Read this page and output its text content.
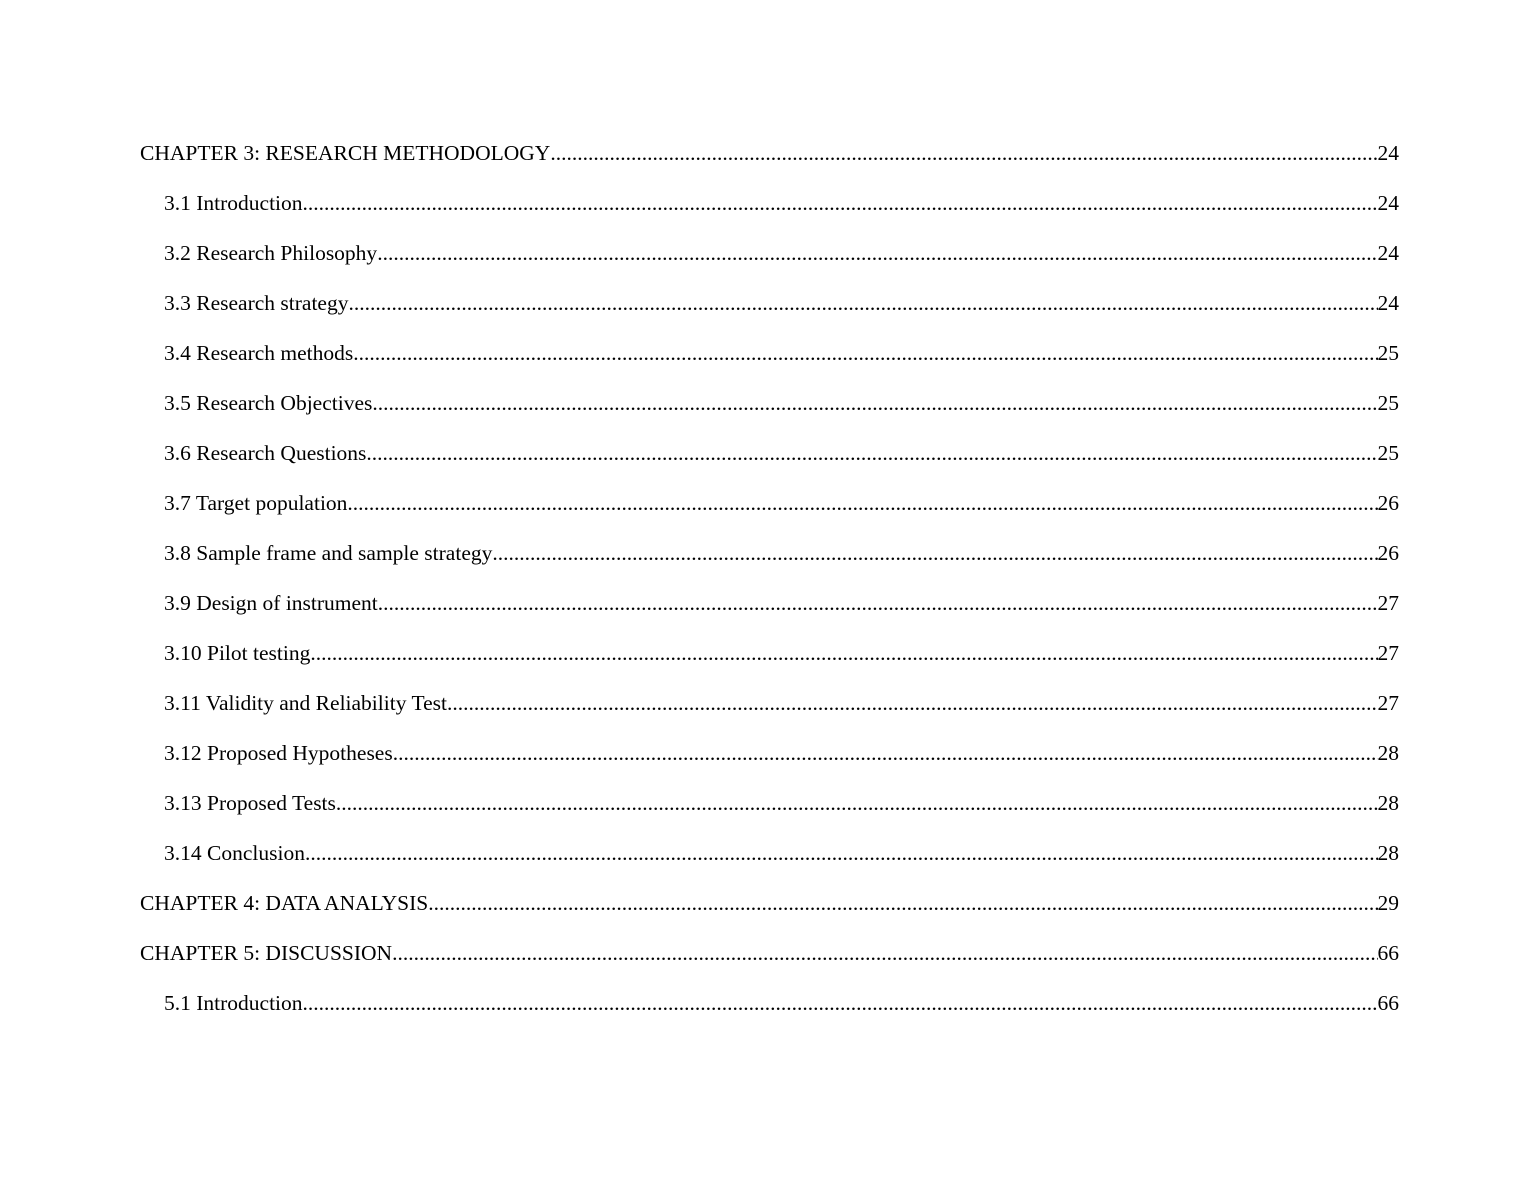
CHAPTER 3: RESEARCH METHODOLOGY .....	24
3.1 Introduction .....	24
3.2 Research Philosophy .....	24
3.3 Research strategy .....	24
3.4 Research methods .....	25
3.5 Research Objectives .....	25
3.6 Research Questions .....	25
3.7 Target population .....	26
3.8 Sample frame and sample strategy .....	26
3.9 Design of instrument .....	27
3.10 Pilot testing .....	27
3.11 Validity and Reliability Test .....	27
3.12 Proposed Hypotheses .....	28
3.13 Proposed Tests .....	28
3.14 Conclusion .....	28
CHAPTER 4: DATA ANALYSIS .....	29
CHAPTER 5: DISCUSSION .....	66
5.1 Introduction .....	66
